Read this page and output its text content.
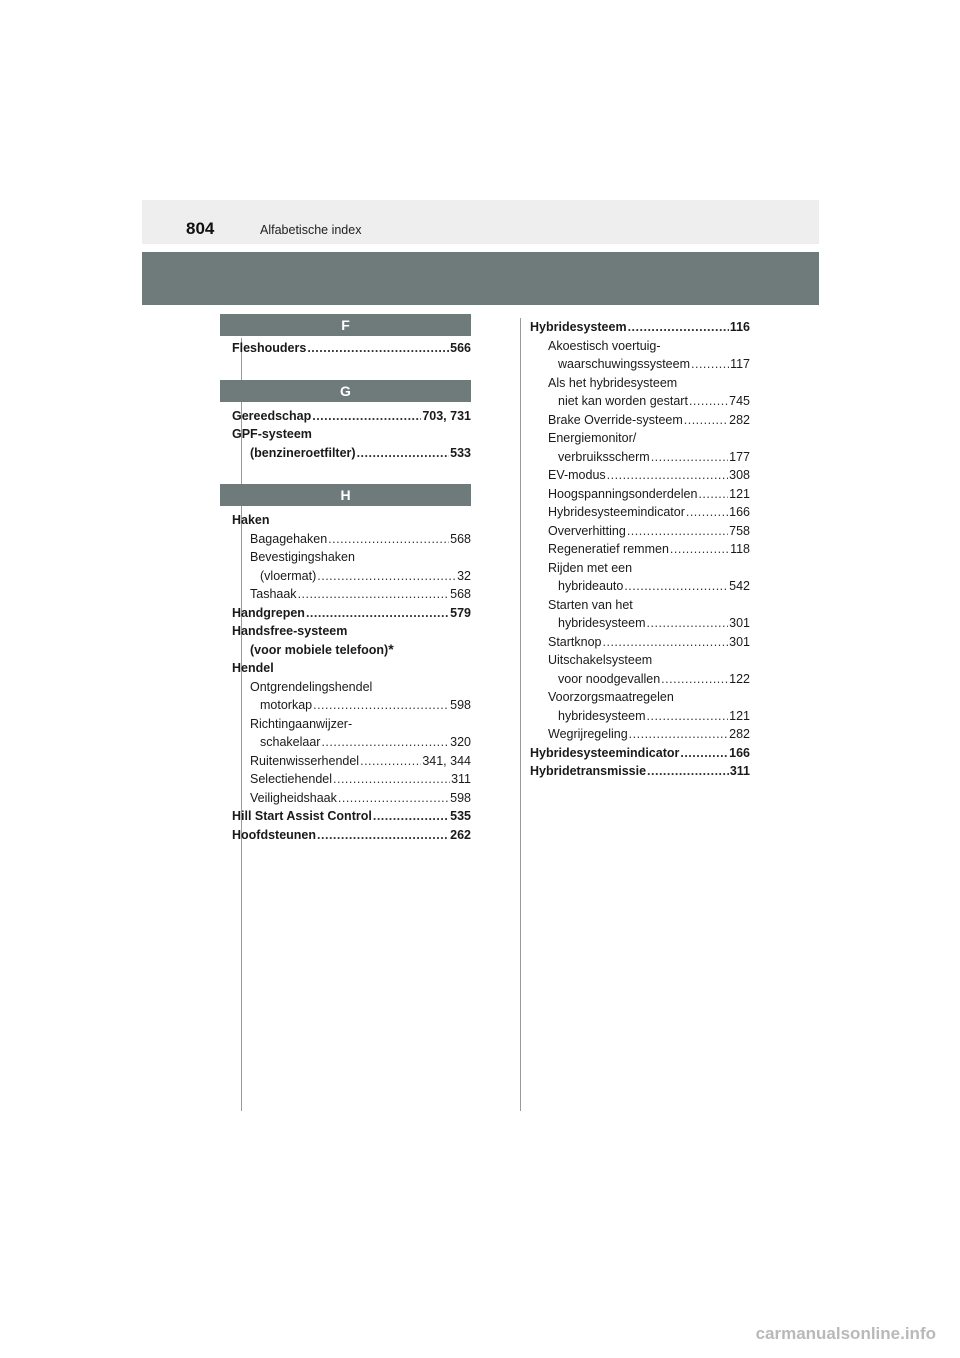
804	Alfabetische index
F
Fleshouders .....	566
G
Gereedschap .....	703, 731
GPF-systeem
(benzineroetfilter) .....	533
H
Haken
Bagagehaken .....	568
Bevestigingshaken
(vloermat) .....	32
Tashaak .....	568
Handgrepen .....	579
Handsfree-systeem
(voor mobiele telefoon) *
Hendel
Ontgrendelingshendel
motorkap .....	598
Richtingaanwijzer-
schakelaar .....	320
Ruitenwisserhendel .....	341, 344
Selectiehendel .....	311
Veiligheidshaak .....	598
Hill Start Assist Control .....	535
Hoofdsteunen .....	262
Hybridesysteem .....	116
Akoestisch voertuig-
waarschuwingssysteem .....	117
Als het hybridesysteem
niet kan worden gestart .....	745
Brake Override-systeem .....	282
Energiemonitor/
verbruiksscherm .....	177
EV-modus .....	308
Hoogspanningsonderdelen .....	121
Hybridesysteemindicator .....	166
Oververhitting .....	758
Regeneratief remmen .....	118
Rijden met een
hybrideauto .....	542
Starten van het
hybridesysteem .....	301
Startknop .....	301
Uitschakelsysteem
voor noodgevallen .....	122
Voorzorgsmaatregelen
hybridesysteem .....	121
Wegrijregeling .....	282
Hybridesysteemindicator .....	166
Hybridetransmissie .....	311
carmanualsonline.info
